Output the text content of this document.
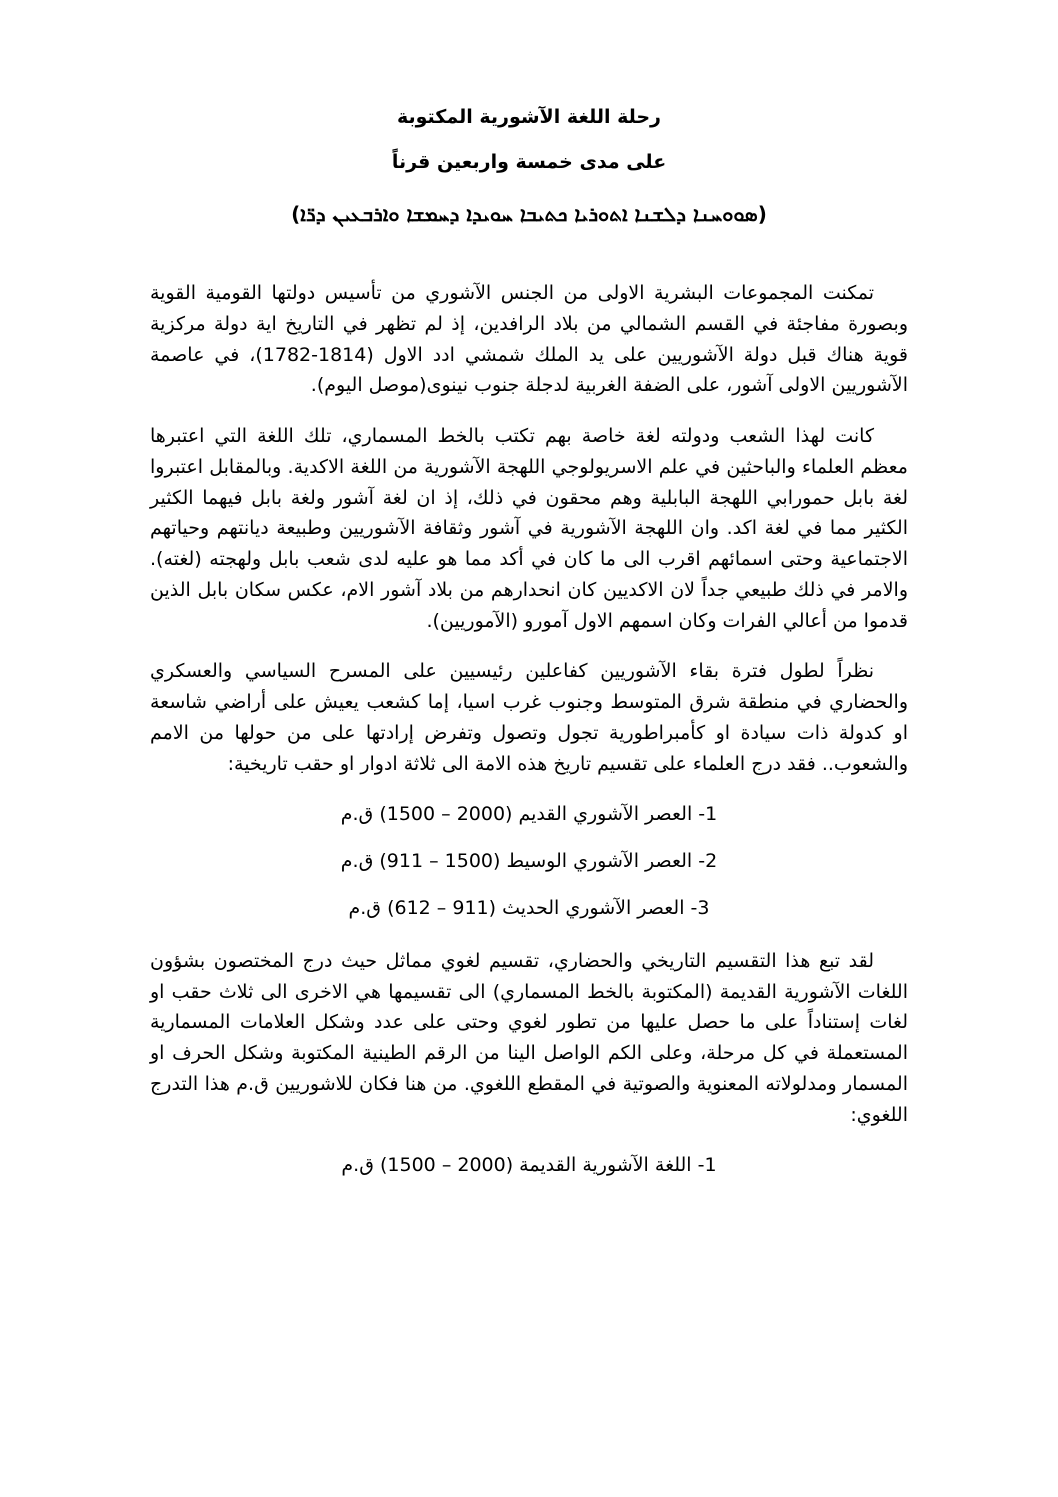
رحلة اللغة الآشورية المكتوبة
على مدى خمسة واربعين قرناً
(ܣܘܘܚܢܐ ܕܠܫܢܐ ܐܬܘܪܝܐ ܟܬܝܒܐ ܚܘܝܕܐ ܕܚܡܫܐ ܘܐܪܒܥܝܢ ܕܪ̈ܐ)

تمكنت المجموعات البشرية الاولى من الجنس الآشوري من تأسيس دولتها القومية القوية وبصورة مفاجئة في القسم الشمالي من بلاد الرافدين، إذ لم تظهر في التاريخ اية دولة مركزية قوية هناك قبل دولة الآشوريين على يد الملك شمشي ادد الاول (1814-1782)، في عاصمة الآشوريين الاولى آشور، على الضفة الغربية لدجلة جنوب نينوى(موصل اليوم).

كانت لهذا الشعب ودولته لغة خاصة بهم تكتب بالخط المسماري، تلك اللغة التي اعتبرها معظم العلماء والباحثين في علم الاسريولوجي اللهجة الآشورية من اللغة الاكدية. وبالمقابل اعتبروا لغة بابل حمورابي اللهجة البابلية وهم محقون في ذلك، إذ ان لغة آشور ولغة بابل فيهما الكثير الكثير مما في لغة اكد. وان اللهجة الآشورية في آشور وثقافة الآشوريين وطبيعة ديانتهم وحياتهم الاجتماعية وحتى اسمائهم اقرب الى ما كان في أكد مما هو عليه لدى شعب بابل ولهجته (لغته). والامر في ذلك طبيعي جداً لان الاكديين كان انحدارهم من بلاد آشور الام، عكس سكان بابل الذين قدموا من أعالي الفرات وكان اسمهم الاول آمورو (الآموريين).

نظراً لطول فترة بقاء الآشوريين كفاعلين رئيسيين على المسرح السياسي والعسكري والحضاري في منطقة شرق المتوسط وجنوب غرب اسيا، إما كشعب يعيش على أراضي شاسعة او كدولة ذات سيادة او كأمبراطورية تجول وتصول وتفرض إرادتها على من حولها من الامم والشعوب.. فقد درج العلماء على تقسيم تاريخ هذه الامة الى ثلاثة ادوار او حقب تاريخية:

1- العصر الآشوري القديم (2000 – 1500) ق.م
2- العصر الآشوري الوسيط (1500 – 911) ق.م
3- العصر الآشوري الحديث (911 – 612) ق.م

لقد تبع هذا التقسيم التاريخي والحضاري، تقسيم لغوي مماثل حيث درج المختصون بشؤون اللغات الآشورية القديمة (المكتوبة بالخط المسماري) الى تقسيمها هي الاخرى الى ثلاث حقب او لغات إستناداً على ما حصل عليها من تطور لغوي وحتى على عدد وشكل العلامات المسمارية المستعملة في كل مرحلة، وعلى الكم الواصل الينا من الرقم الطينية المكتوبة وشكل الحرف او المسمار ومدلولاته المعنوية والصوتية في المقطع اللغوي. من هنا فكان للاشوريين ق.م هذا التدرج اللغوي:

1- اللغة الآشورية القديمة (2000 – 1500) ق.م
